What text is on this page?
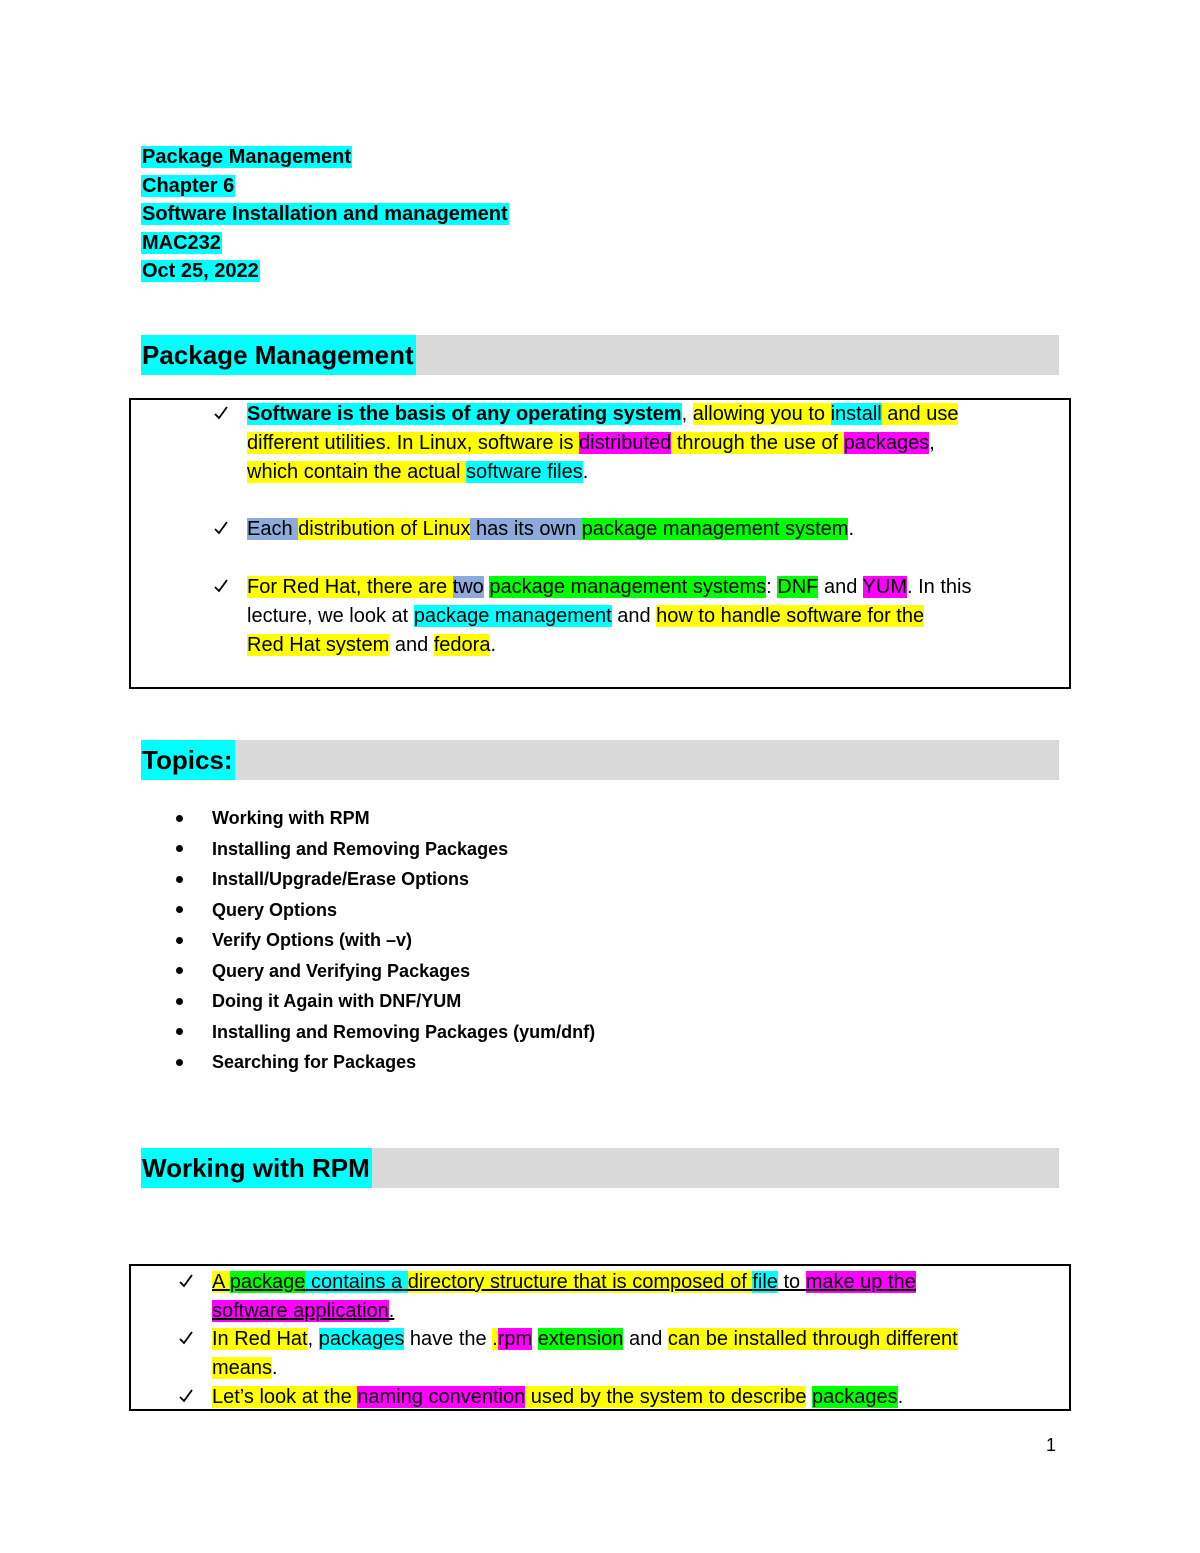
Package Management
Chapter 6
Software Installation and management
MAC232
Oct 25, 2022
Package Management
Software is the basis of any operating system, allowing you to install and use
different utilities. In Linux, software is distributed through the use of packages,
which contain the actual software files.
Each distribution of Linux has its own package management system.
For Red Hat, there are two package management systems: DNF and YUM. In this
lecture, we look at package management and how to handle software for the
Red Hat system and fedora.
Topics:
Working with RPM
Installing and Removing Packages
Install/Upgrade/Erase Options
Query Options
Verify Options (with –v)
Query and Verifying Packages
Doing it Again with DNF/YUM
Installing and Removing Packages (yum/dnf)
Searching for Packages
Working with RPM
A package contains a directory structure that is composed of file to make up the
software application.
In Red Hat, packages have the .rpm extension and can be installed through different
means.
Let’s look at the naming convention used by the system to describe packages.
1
